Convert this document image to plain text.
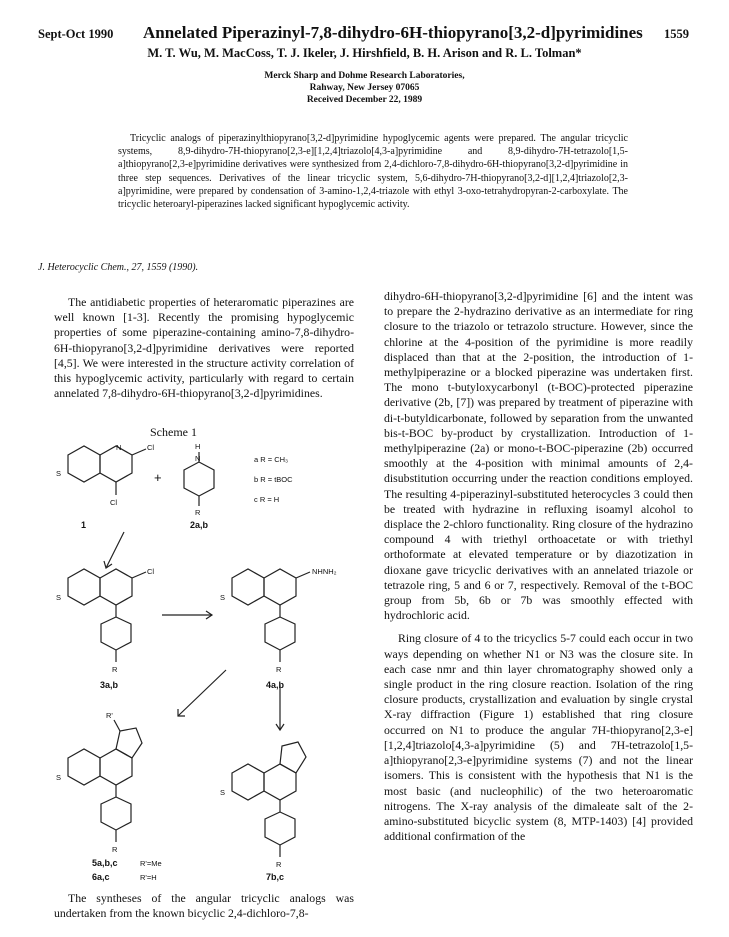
Sept-Oct 1990 Annelated Piperazinyl-7,8-dihydro-6H-thiopyrano[3,2-d]pyrimidines 1559
M. T. Wu, M. MacCoss, T. J. Ikeler, J. Hirshfield, B. H. Arison and R. L. Tolman*
Merck Sharp and Dohme Research Laboratories,
Rahway, New Jersey 07065
Received December 22, 1989
Tricyclic analogs of piperazinylthiopyrano[3,2-d]pyrimidine hypoglycemic agents were prepared. The angular tricyclic systems, 8,9-dihydro-7H-thiopyrano[2,3-e][1,2,4]triazolo[4,3-a]pyrimidine and 8,9-dihydro-7H-tetrazolo[1,5-a]thiopyrano[2,3-e]pyrimidine derivatives were synthesized from 2,4-dichloro-7,8-dihydro-6H-thiopyrano[3,2-d]pyrimidine in three step sequences. Derivatives of the linear tricyclic system, 5,6-dihydro-7H-thiopyrano[3,2-d][1,2,4]triazolo[2,3-a]pyrimidine, were prepared by condensation of 3-amino-1,2,4-triazole with ethyl 3-oxo-tetrahydropyran-2-carboxylate. The tricyclic heteroaryl-piperazines lacked significant hypoglycemic activity.
J. Heterocyclic Chem., 27, 1559 (1990).

The antidiabetic properties of heteraromatic piperazines are well known [1-3]. Recently the promising hypoglycemic properties of some piperazine-containing amino-7,8-dihydro-6H-thiopyrano[3,2-d]pyrimidine derivatives were reported [4,5]. We were interested in the structure activity correlation of this hypoglycemic activity, particularly with regard to certain annelated 7,8-dihydro-6H-thiopyrano[3,2-d]pyrimidines.

Scheme 1
N	Cl
S
Cl
1
+
H
N
R
2a,b
a R = CH₃
b R = tBOC
c R = H
Cl
S
R
3a,b
NHNH₂
S
R
4a,b
R'
S
R
5a,b,c	R'=Me
6a,c	R'=H
S
R
7b,c

The syntheses of the angular tricyclic analogs was undertaken from the known bicyclic 2,4-dichloro-7,8-

dihydro-6H-thiopyrano[3,2-d]pyrimidine [6] and the intent was to prepare the 2-hydrazino derivative as an intermediate for ring closure to the triazolo or tetrazolo structure. However, since the chlorine at the 4-position of the pyrimidine is more readily displaced than that at the 2-position, the introduction of 1-methylpiperazine or a blocked piperazine was undertaken first. The mono t-butyloxycarbonyl (t-BOC)-protected piperazine derivative (2b, [7]) was prepared by treatment of piperazine with di-t-butyldicarbonate, followed by separation from the unwanted bis-t-BOC by-product by crystallization. Introduction of 1-methylpiperazine (2a) or mono-t-BOC-piperazine (2b) occurred smoothly at the 4-position with minimal amounts of 2,4-disubstitution occurring under the reaction conditions employed. The resulting 4-piperazinyl-substituted heterocycles 3 could then be treated with hydrazine in refluxing isoamyl alcohol to displace the 2-chloro functionality. Ring closure of the hydrazino compound 4 with triethyl orthoacetate or with triethyl orthoformate at elevated temperature or by diazotization in dioxane gave tricyclic derivatives with an annelated triazole or tetrazole ring, 5 and 6 or 7, respectively. Removal of the t-BOC group from 5b, 6b or 7b was smoothly effected with hydrochloric acid.

Ring closure of 4 to the tricyclics 5-7 could each occur in two ways depending on whether N1 or N3 was the closure site. In each case nmr and thin layer chromatography showed only a single product in the ring closure reaction. Isolation of the ring closure products, crystallization and evaluation by single crystal X-ray diffraction (Figure 1) established that ring closure occurred on N1 to produce the angular 7H-thiopyrano[2,3-e][1,2,4]triazolo[4,3-a]pyrimidine (5) and 7H-tetrazolo[1,5-a]thiopyrano[2,3-e]pyrimidine systems (7) and not the linear isomers. This is consistent with the hypothesis that N1 is the most basic (and nucleophilic) of the two heteroaromatic nitrogens. The X-ray analysis of the dimaleate salt of the 2-amino-substituted bicyclic system (8, MTP-1403) [4] provided additional confirmation of the
